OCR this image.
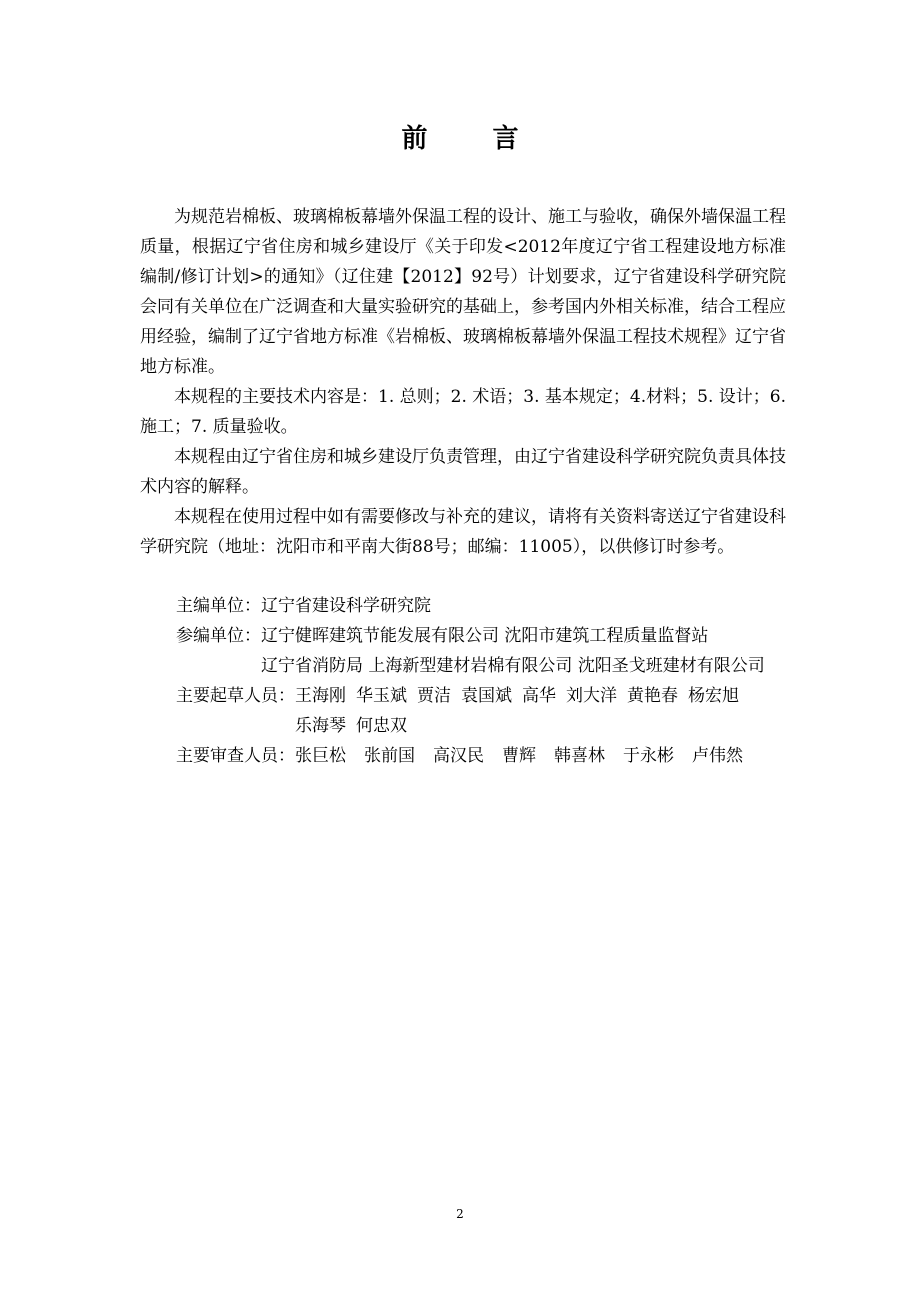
前 言

为规范岩棉板、玻璃棉板幕墙外保温工程的设计、施工与验收，确保外墙保温工程质量，根据辽宁省住房和城乡建设厅《关于印发<2012年度辽宁省工程建设地方标准编制/修订计划>的通知》（辽住建【2012】92号）计划要求，辽宁省建设科学研究院会同有关单位在广泛调查和大量实验研究的基础上，参考国内外相关标准，结合工程应用经验，编制了辽宁省地方标准《岩棉板、玻璃棉板幕墙外保温工程技术规程》辽宁省地方标准。

本规程的主要技术内容是：1. 总则；2. 术语；3. 基本规定；4.材料；5. 设计；6. 施工；7. 质量验收。

本规程由辽宁省住房和城乡建设厅负责管理，由辽宁省建设科学研究院负责具体技术内容的解释。

本规程在使用过程中如有需要修改与补充的建议，请将有关资料寄送辽宁省建设科学研究院（地址：沈阳市和平南大街88号；邮编：11005），以供修订时参考。

主编单位： 辽宁省建设科学研究院
参编单位： 辽宁健晖建筑节能发展有限公司 沈阳市建筑工程质量监督站 辽宁省消防局 上海新型建材岩棉有限公司 沈阳圣戈班建材有限公司
主要起草人员： 王海刚 华玉斌 贾洁 袁国斌 高华 刘大洋 黄艳春 杨宏旭
乐海琴 何忠双
主要审查人员： 张巨松 张前国 高汉民 曹辉 韩喜林 于永彬 卢伟然
2
